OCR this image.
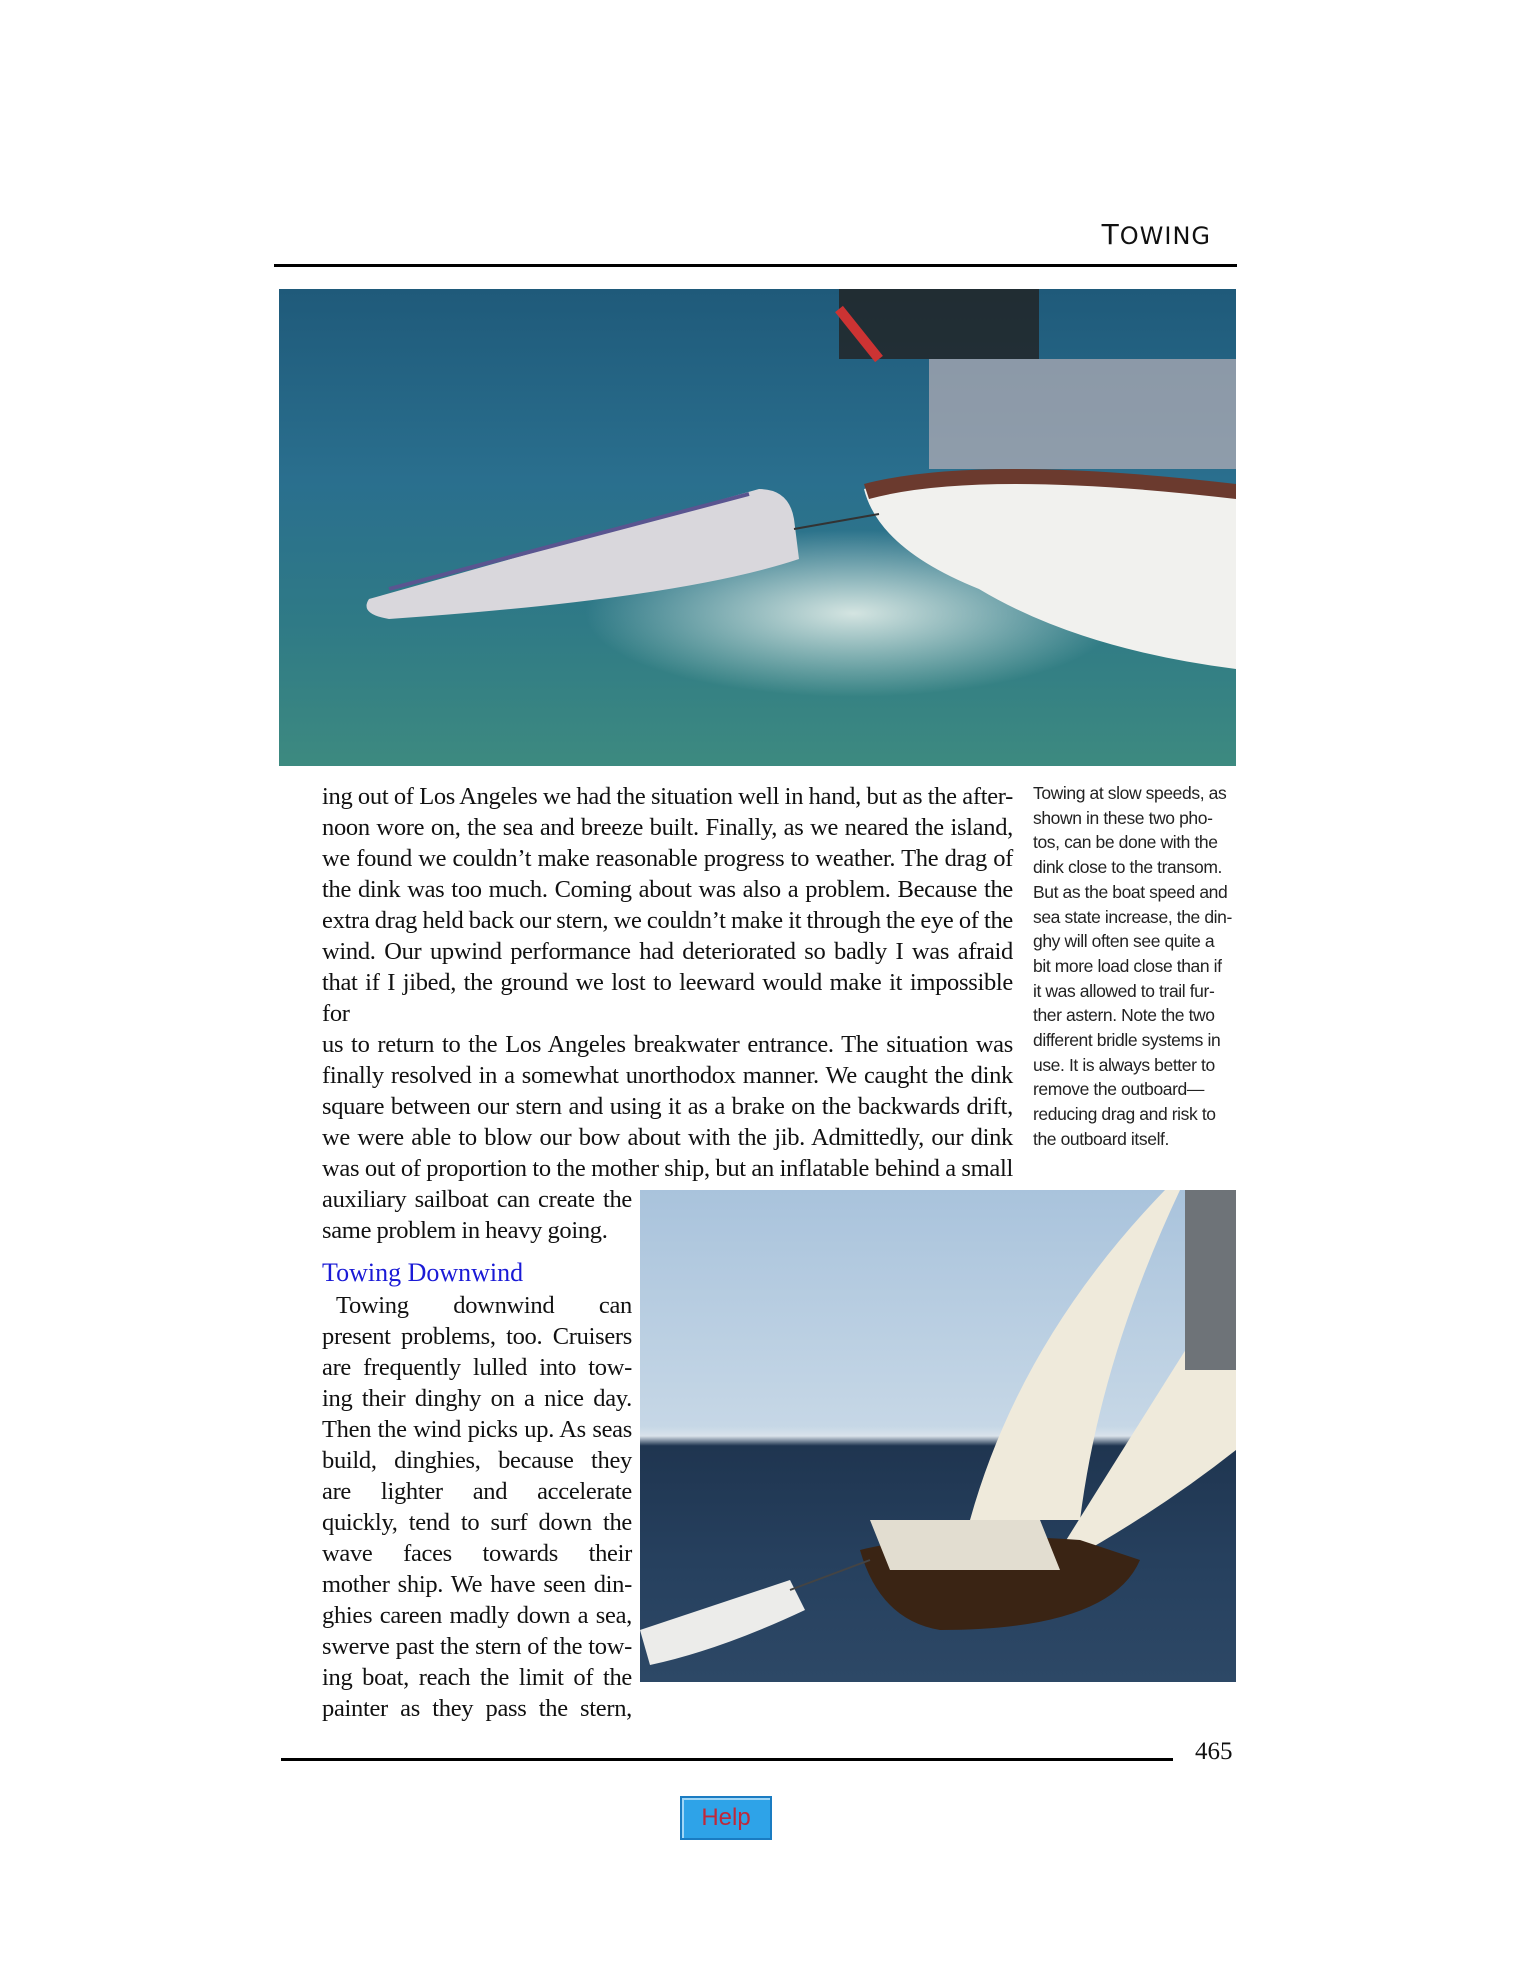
TOWING
ing out of Los Angeles we had the situation well in hand, but as the after-
noon wore on, the sea and breeze built. Finally, as we neared the island,
we found we couldn’t make reasonable progress to weather. The drag of
the dink was too much. Coming about was also a problem. Because the
extra drag held back our stern, we couldn’t make it through the eye of the
wind. Our upwind performance had deteriorated so badly I was afraid
that if I jibed, the ground we lost to leeward would make it impossible for
us to return to the Los Angeles breakwater entrance. The situation was
finally resolved in a somewhat unorthodox manner. We caught the dink
square between our stern and using it as a brake on the backwards drift,
we were able to blow our bow about with the jib. Admittedly, our dink
was out of proportion to the mother ship, but an inflatable behind a small
Towing at slow speeds, as
shown in these two pho-
tos, can be done with the
dink close to the transom.
But as the boat speed and
sea state increase, the din-
ghy will often see quite a
bit more load close than if
it was allowed to trail fur-
ther astern. Note the two
different bridle systems in
use. It is always better to
remove the outboard—
reducing drag and risk to
the outboard itself.
auxiliary sailboat can create the
same problem in heavy going.
Towing Downwind
Towing downwind can
present problems, too. Cruisers
are frequently lulled into tow-
ing their dinghy on a nice day.
Then the wind picks up. As seas
build, dinghies, because they
are lighter and accelerate
quickly, tend to surf down the
wave faces towards their
mother ship. We have seen din-
ghies careen madly down a sea,
swerve past the stern of the tow-
ing boat, reach the limit of the
painter as they pass the stern,
465
Help
